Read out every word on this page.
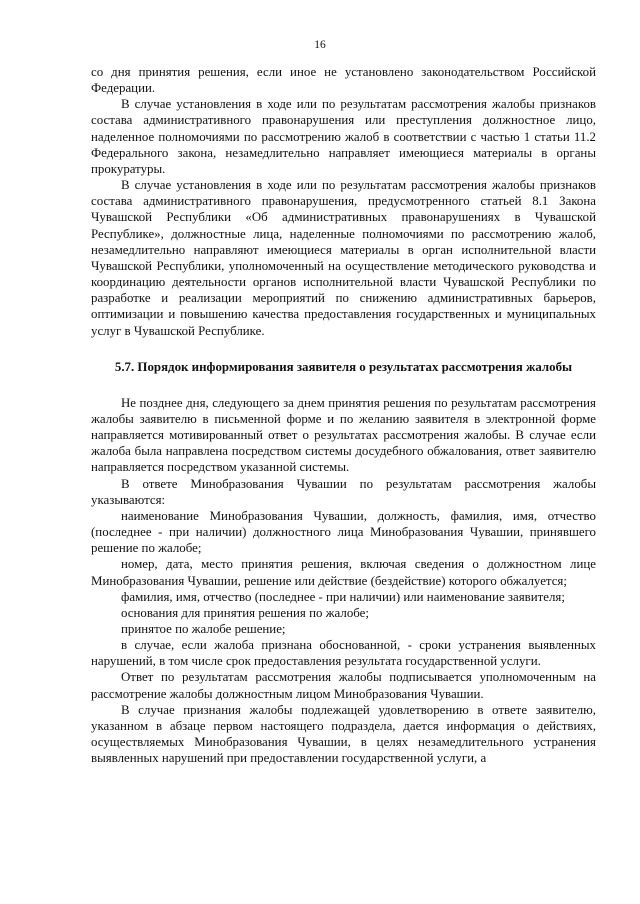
16

со дня принятия решения, если иное не установлено законодательством Российской Федерации.

В случае установления в ходе или по результатам рассмотрения жалобы признаков состава административного правонарушения или преступления должностное лицо, наделенное полномочиями по рассмотрению жалоб в соответствии с частью 1 статьи 11.2 Федерального закона, незамедлительно направляет имеющиеся материалы в органы прокуратуры.

В случае установления в ходе или по результатам рассмотрения жалобы признаков состава административного правонарушения, предусмотренного статьей 8.1 Закона Чувашской Республики «Об административных правонарушениях в Чувашской Республике», должностные лица, наделенные полномочиями по рассмотрению жалоб, незамедлительно направляют имеющиеся материалы в орган исполнительной власти Чувашской Республики, уполномоченный на осуществление методического руководства и координацию деятельности органов исполнительной власти Чувашской Республики по разработке и реализации мероприятий по снижению административных барьеров, оптимизации и повышению качества предоставления государственных и муниципальных услуг в Чувашской Республике.

5.7. Порядок информирования заявителя о результатах рассмотрения жалобы

Не позднее дня, следующего за днем принятия решения по результатам рассмотрения жалобы заявителю в письменной форме и по желанию заявителя в электронной форме направляется мотивированный ответ о результатах рассмотрения жалобы. В случае если жалоба была направлена посредством системы досудебного обжалования, ответ заявителю направляется посредством указанной системы.

В ответе Минобразования Чувашии по результатам рассмотрения жалобы указываются:

наименование Минобразования Чувашии, должность, фамилия, имя, отчество (последнее - при наличии) должностного лица Минобразования Чувашии, принявшего решение по жалобе;

номер, дата, место принятия решения, включая сведения о должностном лице Минобразования Чувашии, решение или действие (бездействие) которого обжалуется;

фамилия, имя, отчество (последнее - при наличии) или наименование заявителя;

основания для принятия решения по жалобе;

принятое по жалобе решение;

в случае, если жалоба признана обоснованной, - сроки устранения выявленных нарушений, в том числе срок предоставления результата государственной услуги.

Ответ по результатам рассмотрения жалобы подписывается уполномоченным на рассмотрение жалобы должностным лицом Минобразования Чувашии.

В случае признания жалобы подлежащей удовлетворению в ответе заявителю, указанном в абзаце первом настоящего подраздела, дается информация о действиях, осуществляемых Минобразования Чувашии, в целях незамедлительного устранения выявленных нарушений при предоставлении государственной услуги, а
